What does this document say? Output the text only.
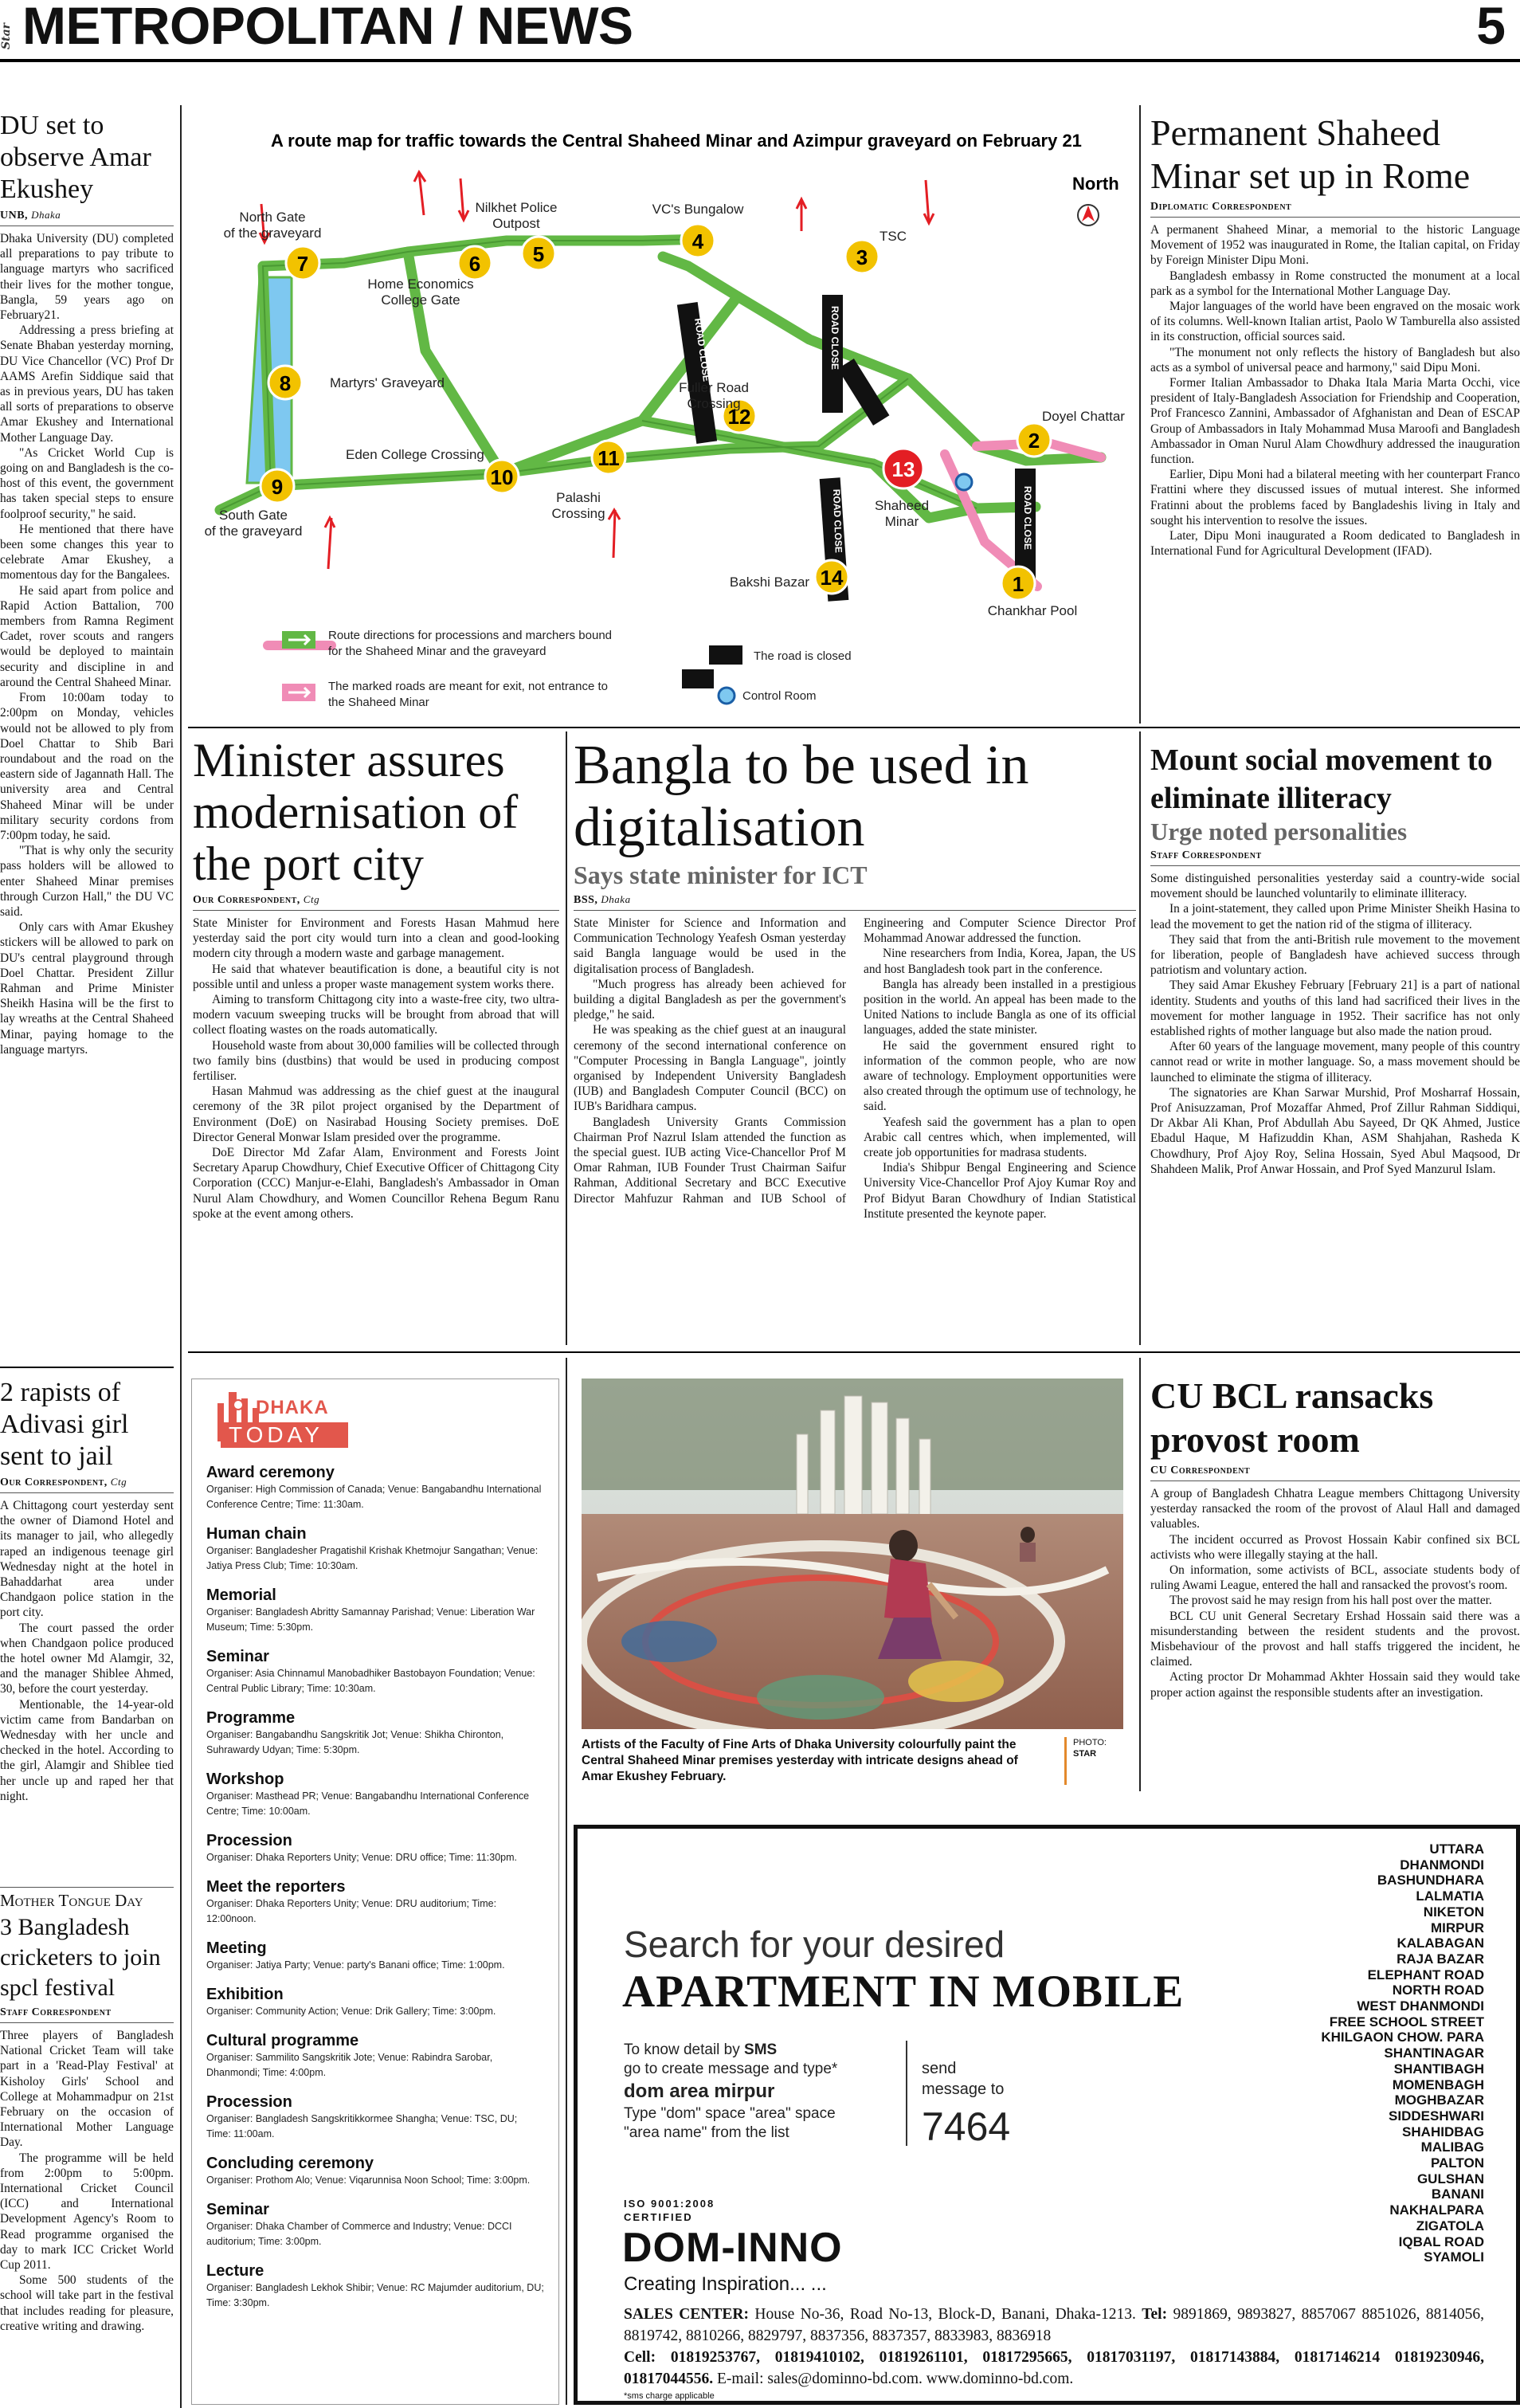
Star METROPOLITAN / NEWS	5
DU set to observe Amar Ekushey
UNB, Dhaka

Dhaka University (DU) completed all preparations to pay tribute to language martyrs who sacrificed their lives for the mother tongue, Bangla, 59 years ago on February21.

Addressing a press briefing at Senate Bhaban yesterday morning, DU Vice Chancellor (VC) Prof Dr AAMS Arefin Siddique said that as in previous years, DU has taken all sorts of preparations to observe Amar Ekushey and International Mother Language Day.

"As Cricket World Cup is going on and Bangladesh is the co-host of this event, the government has taken special steps to ensure foolproof security," he said.

He mentioned that there have been some changes this year to celebrate Amar Ekushey, a momentous day for the Bangalees.

He said apart from police and Rapid Action Battalion, 700 members from Ramna Regiment Cadet, rover scouts and rangers would be deployed to maintain security and discipline in and around the Central Shaheed Minar.

From 10:00am today to 2:00pm on Monday, vehicles would not be allowed to ply from Doel Chattar to Shib Bari roundabout and the road on the eastern side of Jagannath Hall. The university area and Central Shaheed Minar will be under military security cordons from 7:00pm today, he said.

"That is why only the security pass holders will be allowed to enter Shaheed Minar premises through Curzon Hall," the DU VC said.

Only cars with Amar Ekushey stickers will be allowed to park on DU's central playground through Doel Chattar. President Zillur Rahman and Prime Minister Sheikh Hasina will be the first to lay wreaths at the Central Shaheed Minar, paying homage to the language martyrs.

2 rapists of Adivasi girl sent to jail
Our Correspondent, Ctg

A Chittagong court yesterday sent the owner of Diamond Hotel and its manager to jail, who allegedly raped an indigenous teenage girl Wednesday night at the hotel in Bahaddarhat area under Chandgaon police station in the port city.

The court passed the order when Chandgaon police produced the hotel owner Md Alamgir, 32, and the manager Shiblee Ahmed, 30, before the court yesterday.

Mentionable, the 14-year-old victim came from Bandarban on Wednesday with her uncle and checked in the hotel. According to the girl, Alamgir and Shiblee tied her uncle up and raped her that night.

Mother Tongue Day
3 Bangladesh cricketers to join spcl festival
Staff Correspondent

Three players of Bangladesh National Cricket Team will take part in a 'Read-Play Festival' at Kisholoy Girls' School and College at Mohammadpur on 21st February on the occasion of International Mother Language Day.

The programme will be held from 2:00pm to 5:00pm. International Cricket Council (ICC) and International Development Agency's Room to Read programme organised the day to mark ICC Cricket World Cup 2011.

Some 500 students of the school will take part in the festival that includes reading for pleasure, creative writing and drawing.

A route map for traffic towards the Central Shaheed Minar and Azimpur graveyard on February 21
ROAD CLOSE	ROAD CLOSE
ROAD CLOSE	ROAD CLOSE
North
7	6	5
4
3
8
12
2
11
10	13
9
14	1
North Gate
of the graveyard
Nilkhet Police
Outpost
VC's Bungalow
TSC
Home Economics
College Gate
Martyrs' Graveyard	Fuller Road
Crossing
Doyel Chattar
Eden College Crossing
Palashi
Crossing
Shaheed
Minar
South Gate
of the graveyard
Bakshi Bazar
Chankhar Pool
Route directions for processions and marchers bound
for the Shaheed Minar and the graveyard
The marked roads are meant for exit, not entrance to
the Shaheed Minar
The road is closed
Control Room
Permanent Shaheed Minar set up in Rome
Diplomatic Correspondent

A permanent Shaheed Minar, a memorial to the historic Language Movement of 1952 was inaugurated in Rome, the Italian capital, on Friday by Foreign Minister Dipu Moni.

Bangladesh embassy in Rome constructed the monument at a local park as a symbol for the International Mother Language Day.

Major languages of the world have been engraved on the mosaic work of its columns. Well-known Italian artist, Paolo W Tamburella also assisted in its construction, official sources said.

"The monument not only reflects the history of Bangladesh but also acts as a symbol of universal peace and harmony," said Dipu Moni.

Former Italian Ambassador to Dhaka Itala Maria Marta Occhi, vice president of Italy-Bangladesh Association for Friendship and Cooperation, Prof Francesco Zannini, Ambassador of Afghanistan and Dean of ESCAP Group of Ambassadors in Italy Mohammad Musa Maroofi and Bangladesh Ambassador in Oman Nurul Alam Chowdhury addressed the inauguration function.

Earlier, Dipu Moni had a bilateral meeting with her counterpart Franco Frattini where they discussed issues of mutual interest. She informed Fratinni about the problems faced by Bangladeshis living in Italy and sought his intervention to resolve the issues.

Later, Dipu Moni inaugurated a Room dedicated to Bangladesh in International Fund for Agricultural Development (IFAD).

Minister assures modernisation of the port city
Our Correspondent, Ctg

State Minister for Environment and Forests Hasan Mahmud here yesterday said the port city would turn into a clean and good-looking modern city through a modern waste and garbage management.

He said that whatever beautification is done, a beautiful city is not possible until and unless a proper waste management system works there.

Aiming to transform Chittagong city into a waste-free city, two ultra-modern vacuum sweeping trucks will be brought from abroad that will collect floating wastes on the roads automatically.

Household waste from about 30,000 families will be collected through two family bins (dustbins) that would be used in producing compost fertiliser.

Hasan Mahmud was addressing as the chief guest at the inaugural ceremony of the 3R pilot project organised by the Department of Environment (DoE) on Nasirabad Housing Society premises. DoE Director General Monwar Islam presided over the programme.

DoE Director Md Zafar Alam, Environment and Forests Joint Secretary Aparup Chowdhury, Chief Executive Officer of Chittagong City Corporation (CCC) Manjur-e-Elahi, Bangladesh's Ambassador in Oman Nurul Alam Chowdhury, and Women Councillor Rehena Begum Ranu spoke at the event among others.

Bangla to be used in digitalisation
Says state minister for ICT
BSS, Dhaka

State Minister for Science and Information and Communication Technology Yeafesh Osman yesterday said Bangla language would be used in the digitalisation process of Bangladesh.

"Much progress has already been achieved for building a digital Bangladesh as per the government's pledge," he said.

He was speaking as the chief guest at an inaugural ceremony of the second international conference on "Computer Processing in Bangla Language", jointly organised by Independent University Bangladesh (IUB) and Bangladesh Computer Council (BCC) on IUB's Baridhara campus.

Bangladesh University Grants Commission Chairman Prof Nazrul Islam attended the function as the special guest. IUB acting Vice-Chancellor Prof M Omar Rahman, IUB Founder Trust Chairman Saifur Rahman, Additional Secretary and BCC Executive Director Mahfuzur Rahman and IUB School of Engineering and Computer Science Director Prof Mohammad Anowar addressed the function.

Nine researchers from India, Korea, Japan, the US and host Bangladesh took part in the conference.

Bangla has already been installed in a prestigious position in the world. An appeal has been made to the United Nations to include Bangla as one of its official languages, added the state minister.

He said the government ensured right to information of the common people, who are now aware of technology. Employment opportunities were also created through the optimum use of technology, he said.

Yeafesh said the government has a plan to open Arabic call centres which, when implemented, will create job opportunities for madrasa students.

India's Shibpur Bengal Engineering and Science University Vice-Chancellor Prof Ajoy Kumar Roy and Prof Bidyut Baran Chowdhury of Indian Statistical Institute presented the keynote paper.

Mount social movement to eliminate illiteracy
Urge noted personalities
Staff Correspondent

Some distinguished personalities yesterday said a country-wide social movement should be launched voluntarily to eliminate illiteracy.

In a joint-statement, they called upon Prime Minister Sheikh Hasina to lead the movement to get the nation rid of the stigma of illiteracy.

They said that from the anti-British rule movement to the movement for liberation, people of Bangladesh have achieved success through patriotism and voluntary action.

They said Amar Ekushey February [February 21] is a part of national identity. Students and youths of this land had sacrificed their lives in the movement for mother language in 1952. Their sacrifice has not only established rights of mother language but also made the nation proud.

After 60 years of the language movement, many people of this country cannot read or write in mother language. So, a mass movement should be launched to eliminate the stigma of illiteracy.

The signatories are Khan Sarwar Murshid, Prof Mosharraf Hossain, Prof Anisuzzaman, Prof Mozaffar Ahmed, Prof Zillur Rahman Siddiqui, Dr Akbar Ali Khan, Prof Abdullah Abu Sayeed, Dr QK Ahmed, Justice Ebadul Haque, M Hafizuddin Khan, ASM Shahjahan, Rasheda K Chowdhury, Prof Ajoy Roy, Selina Hossain, Syed Abul Maqsood, Dr Shahdeen Malik, Prof Anwar Hossain, and Prof Syed Manzurul Islam.

DHAKA
TODAY
Award ceremony
Organiser: High Commission of Canada; Venue: Bangabandhu International Conference Centre; Time: 11:30am.
Human chain
Organiser: Bangladesher Pragatishil Krishak Khetmojur Sangathan; Venue: Jatiya Press Club; Time: 10:30am.
Memorial
Organiser: Bangladesh Abritty Samannay Parishad; Venue: Liberation War Museum; Time: 5:30pm.
Seminar
Organiser: Asia Chinnamul Manobadhiker Bastobayon Foundation; Venue: Central Public Library; Time: 10:30am.
Programme
Organiser: Bangabandhu Sangskritik Jot; Venue: Shikha Chironton, Suhrawardy Udyan; Time: 5:30pm.
Workshop
Organiser: Masthead PR; Venue: Bangabandhu International Conference Centre; Time: 10:00am.
Procession
Organiser: Dhaka Reporters Unity; Venue: DRU office; Time: 11:30pm.
Meet the reporters
Organiser: Dhaka Reporters Unity; Venue: DRU auditorium; Time: 12:00noon.
Meeting
Organiser: Jatiya Party; Venue: party's Banani office; Time: 1:00pm.
Exhibition
Organiser: Community Action; Venue: Drik Gallery; Time: 3:00pm.
Cultural programme
Organiser: Sammilito Sangskritik Jote; Venue: Rabindra Sarobar, Dhanmondi; Time: 4:00pm.
Procession
Organiser: Bangladesh Sangskritikkormee Shangha; Venue: TSC, DU; Time: 11:00am.
Concluding ceremony
Organiser: Prothom Alo; Venue: Viqarunnisa Noon School; Time: 3:00pm.
Seminar
Organiser: Dhaka Chamber of Commerce and Industry; Venue: DCCI auditorium; Time: 3:00pm.
Lecture
Organiser: Bangladesh Lekhok Shibir; Venue: RC Majumder auditorium, DU; Time: 3:30pm.
Artists of the Faculty of Fine Arts of Dhaka University colourfully paint the Central Shaheed Minar premises yesterday with intricate designs ahead of Amar Ekushey February.
PHOTO:
STAR
CU BCL ransacks provost room
CU Correspondent

A group of Bangladesh Chhatra League members Chittagong University yesterday ransacked the room of the provost of Alaul Hall and damaged valuables.

The incident occurred as Provost Hossain Kabir confined six BCL activists who were illegally staying at the hall.

On information, some activists of BCL, associate students body of ruling Awami League, entered the hall and ransacked the provost's room.

The provost said he may resign from his hall post over the matter.

BCL CU unit General Secretary Ershad Hossain said there was a misunderstanding between the resident students and the provost. Misbehaviour of the provost and hall staffs triggered the incident, he claimed.

Acting proctor Dr Mohammad Akhter Hossain said they would take proper action against the responsible students after an investigation.

Search for your desired
APARTMENT IN MOBILE
To know detail by SMS
go to create message and type*
dom area mirpur
Type "dom" space "area" space
"area name" from the list
send
message to
7464
ISO 9001:2008
CERTIFIED
DOM-INNO
Creating Inspiration... ...
UTTARA
DHANMONDI
BASHUNDHARA
LALMATIA
NIKETON
MIRPUR
KALABAGAN
RAJA BAZAR
ELEPHANT ROAD
NORTH ROAD
WEST DHANMONDI
FREE SCHOOL STREET
KHILGAON CHOW. PARA
SHANTINAGAR
SHANTIBAGH
MOMENBAGH
MOGHBAZAR
SIDDESHWARI
SHAHIDBAG
MALIBAG
PALTON
GULSHAN
BANANI
NAKHALPARA
ZIGATOLA
IQBAL ROAD
SYAMOLI
SALES CENTER: House No-36, Road No-13, Block-D, Banani, Dhaka-1213. Tel: 9891869, 9893827, 8857067 8851026, 8814056, 8819742, 8810266, 8829797, 8837356, 8837357, 8833983, 8836918
Cell: 01819253767, 01819410102, 01819261101, 01817295665, 01817031197, 01817143884, 01817146214 01819230946, 01817044556. E-mail: sales@dominno-bd.com. www.dominno-bd.com.
*sms charge applicable
